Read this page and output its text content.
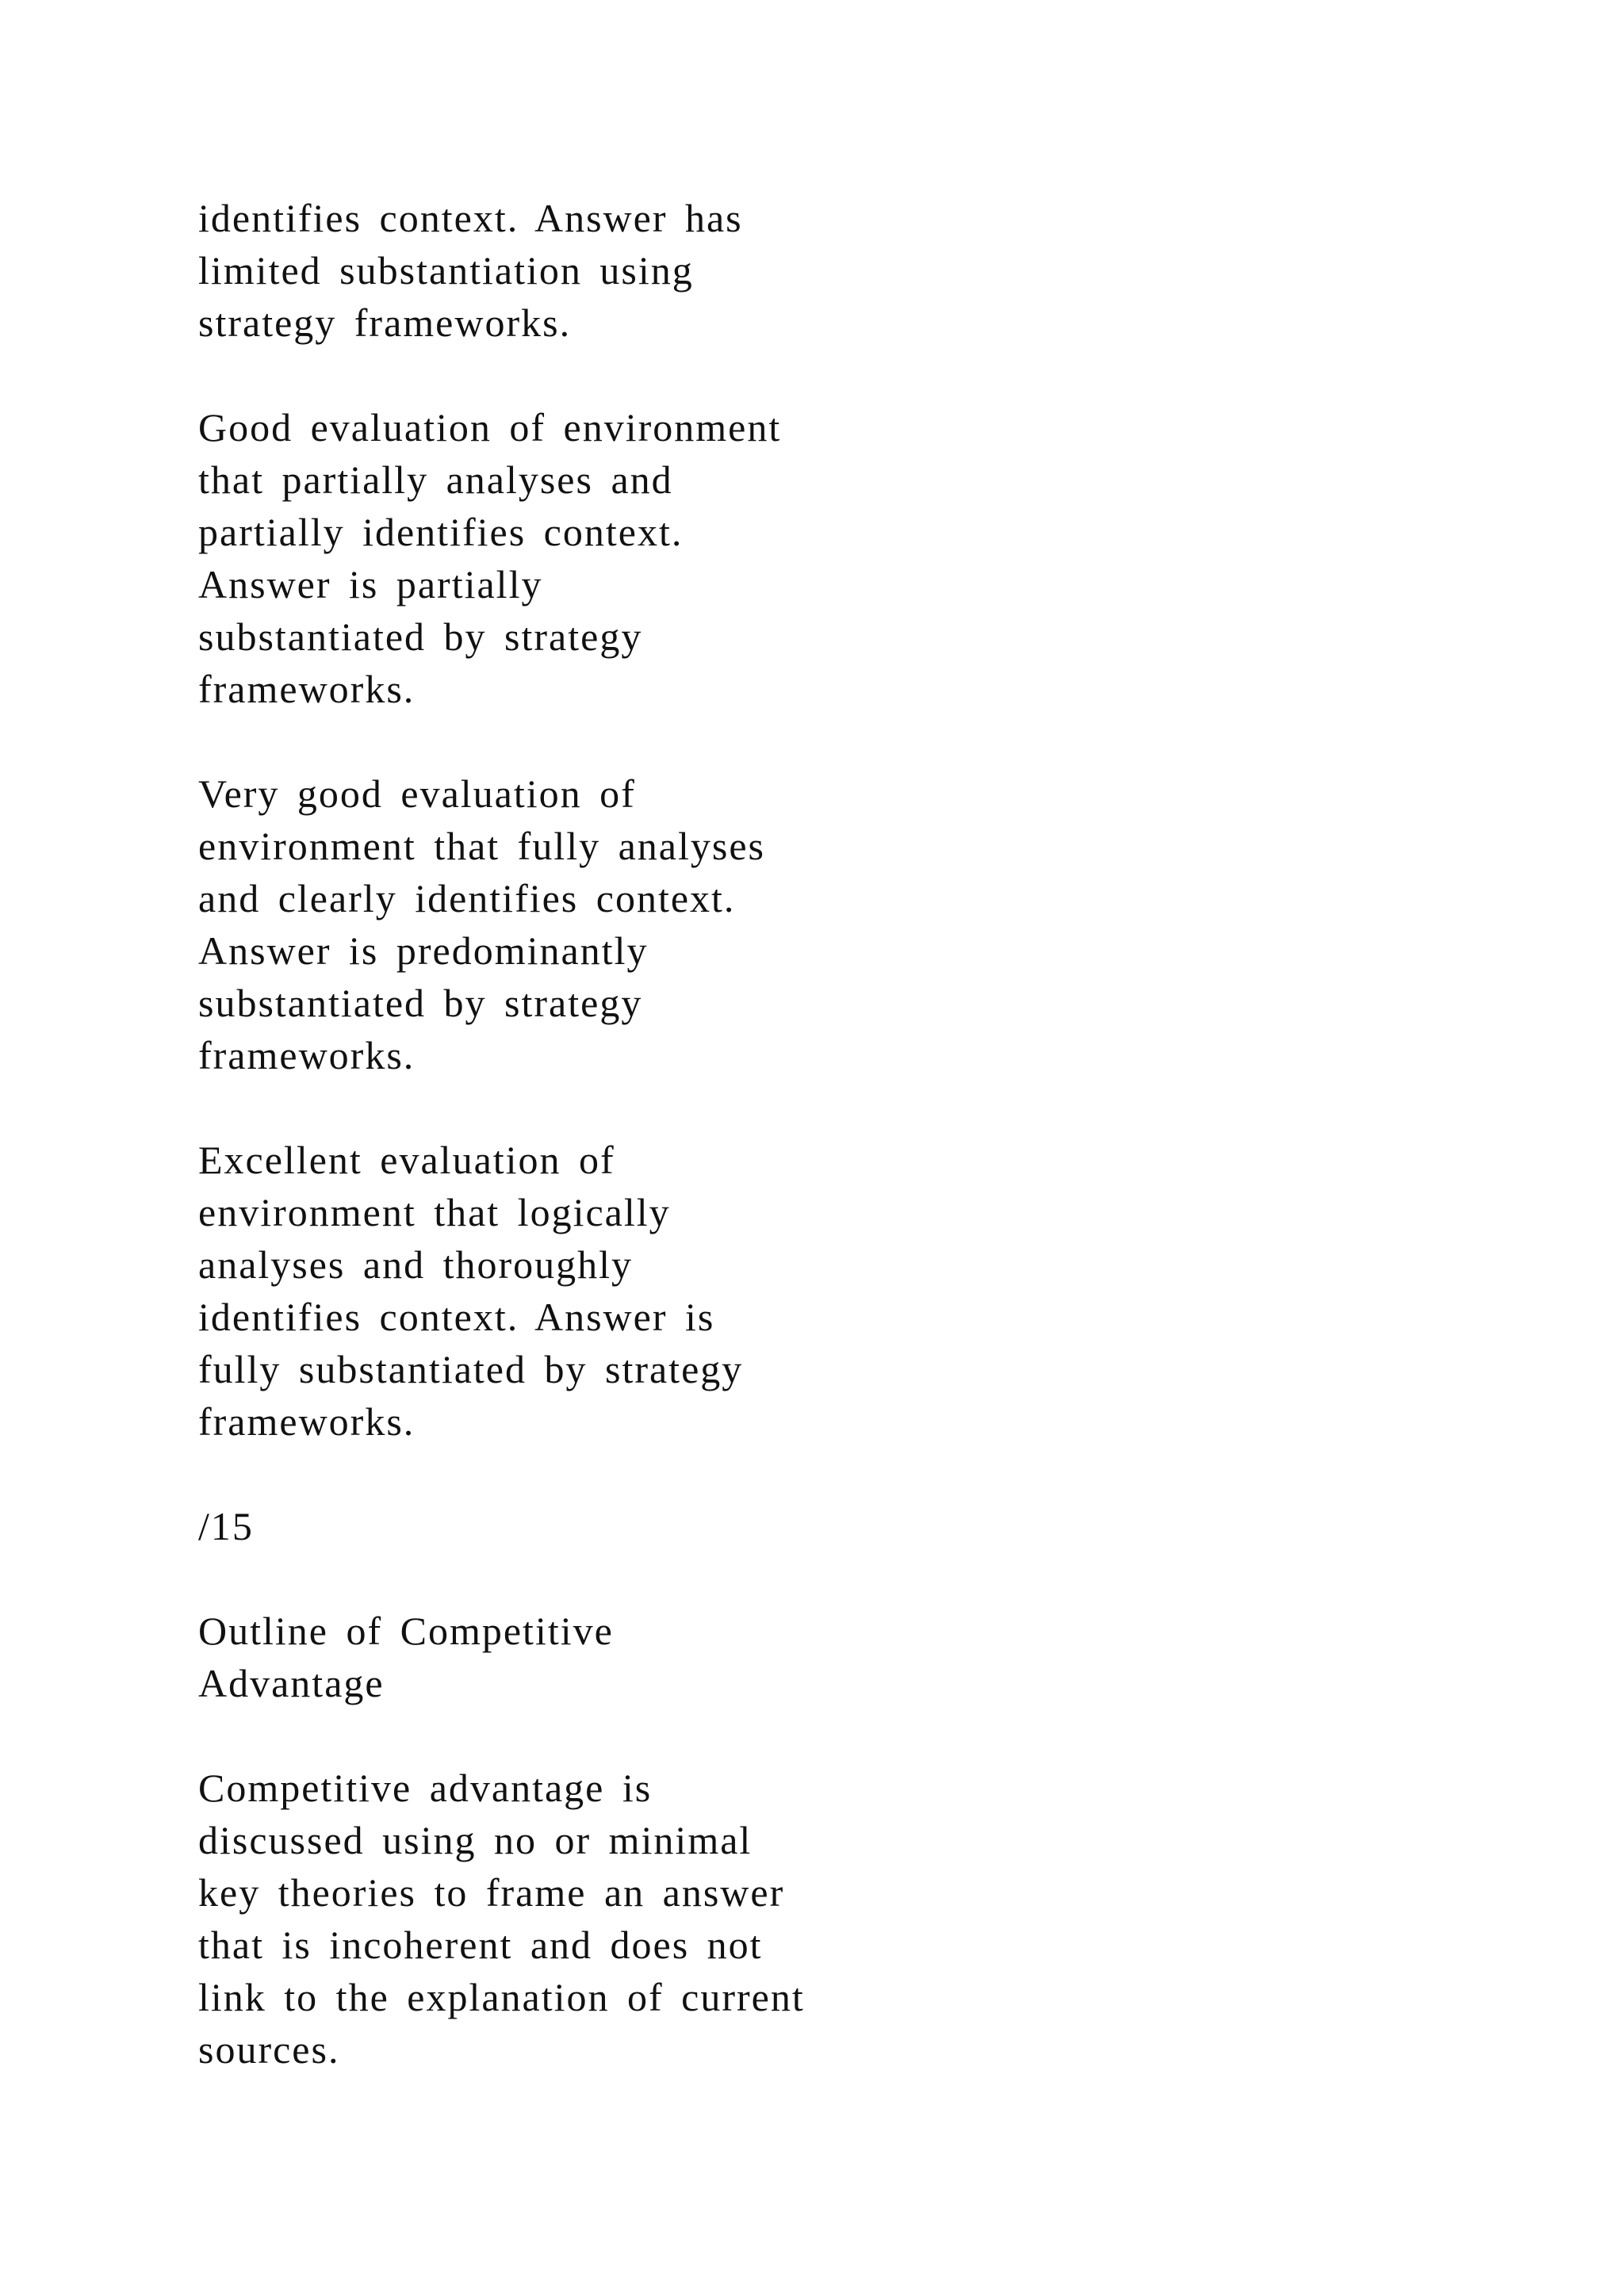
identifies context. Answer has
limited substantiation using
strategy frameworks.
Good evaluation of environment
that partially analyses and
partially identifies context.
Answer is partially
substantiated by strategy
frameworks.
Very good evaluation of
environment that fully analyses
and clearly identifies context.
Answer is predominantly
substantiated by strategy
frameworks.
Excellent evaluation of
environment that logically
analyses and thoroughly
identifies context. Answer is
fully substantiated by strategy
frameworks.
/15
Outline of Competitive
Advantage
Competitive advantage is
discussed using no or minimal
key theories to frame an answer
that is incoherent and does not
link to the explanation of current
sources.
